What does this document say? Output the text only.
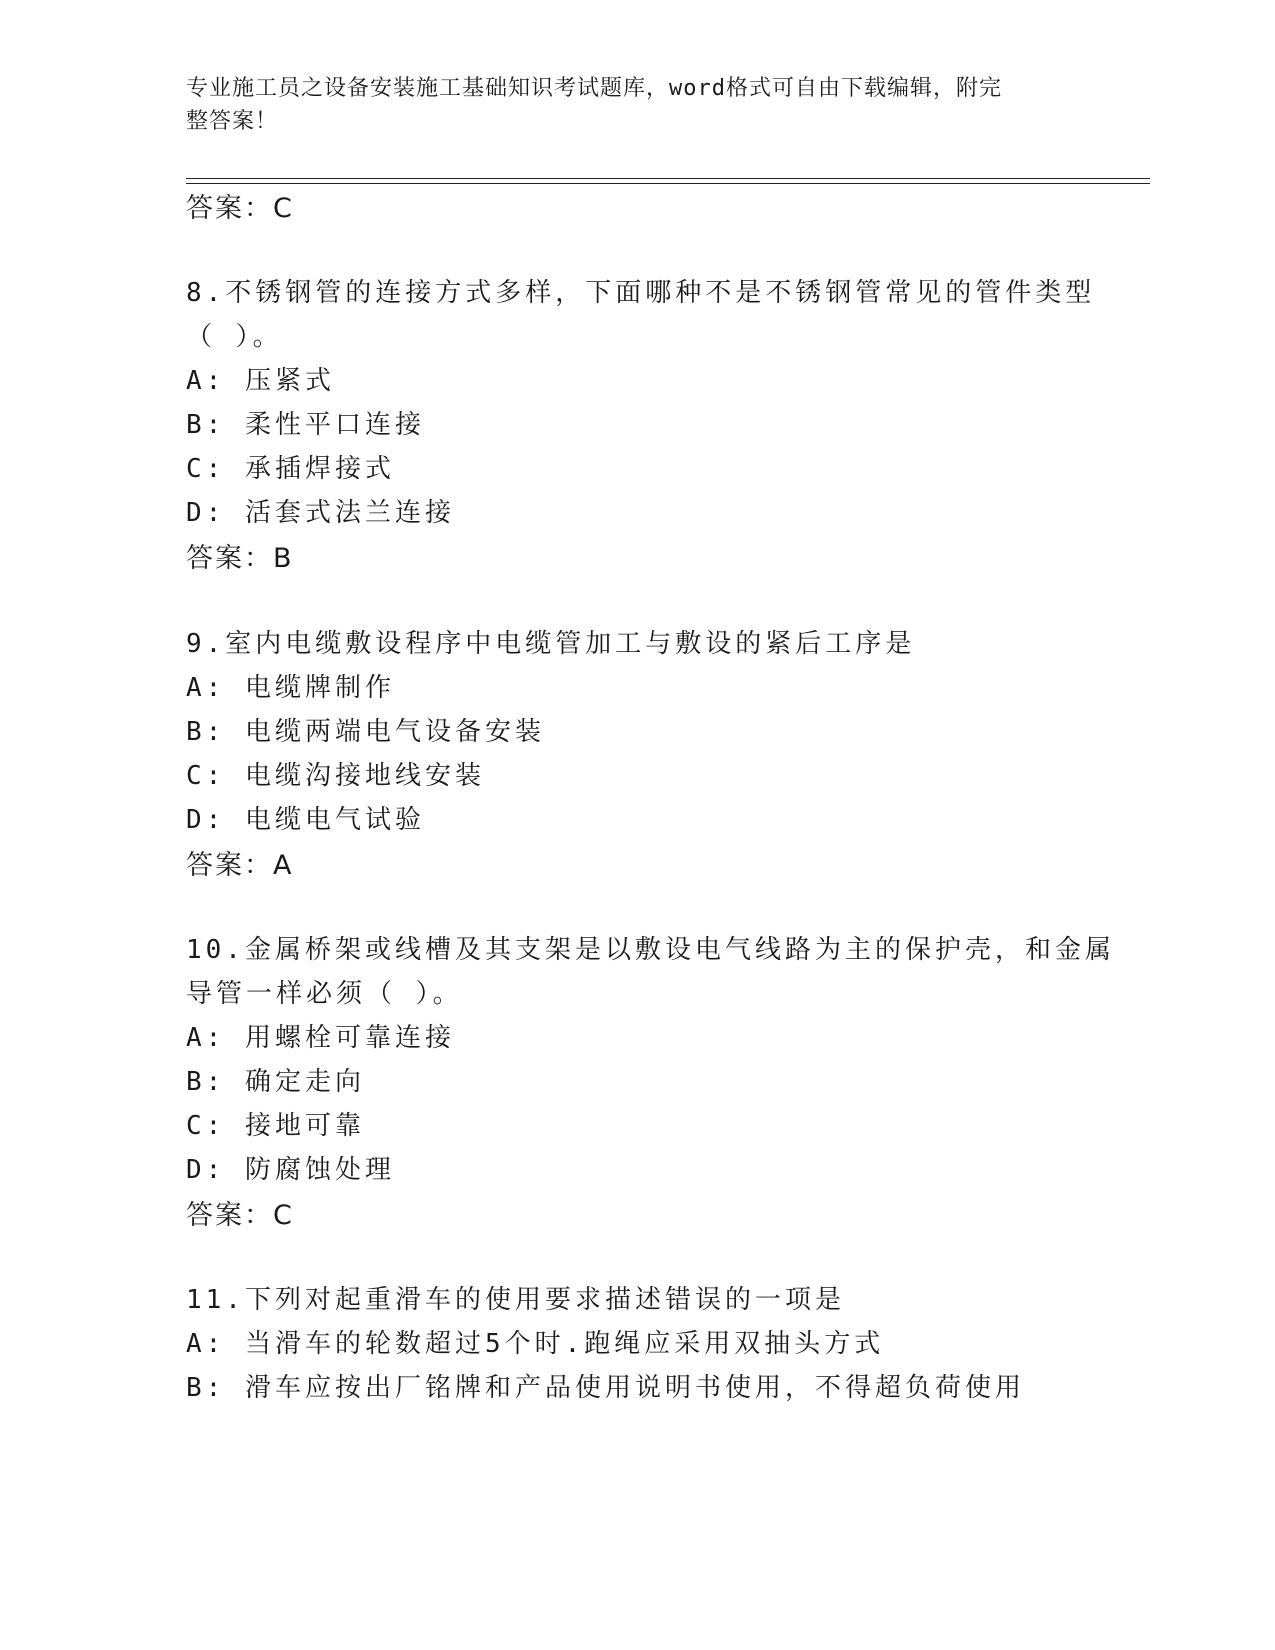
专业施工员之设备安装施工基础知识考试题库，word格式可自由下载编辑，附完
整答案！
答案：C
8.不锈钢管的连接方式多样，下面哪种不是不锈钢管常见的管件类型
（ ）。
A: 压紧式
B: 柔性平口连接
C: 承插焊接式
D: 活套式法兰连接
答案：B
9.室内电缆敷设程序中电缆管加工与敷设的紧后工序是
A: 电缆牌制作
B: 电缆两端电气设备安装
C: 电缆沟接地线安装
D: 电缆电气试验
答案：A
10.金属桥架或线槽及其支架是以敷设电气线路为主的保护壳，和金属
导管一样必须（ ）。
A: 用螺栓可靠连接
B: 确定走向
C: 接地可靠
D: 防腐蚀处理
答案：C
11.下列对起重滑车的使用要求描述错误的一项是
A: 当滑车的轮数超过5个时.跑绳应采用双抽头方式
B: 滑车应按出厂铭牌和产品使用说明书使用，不得超负荷使用
